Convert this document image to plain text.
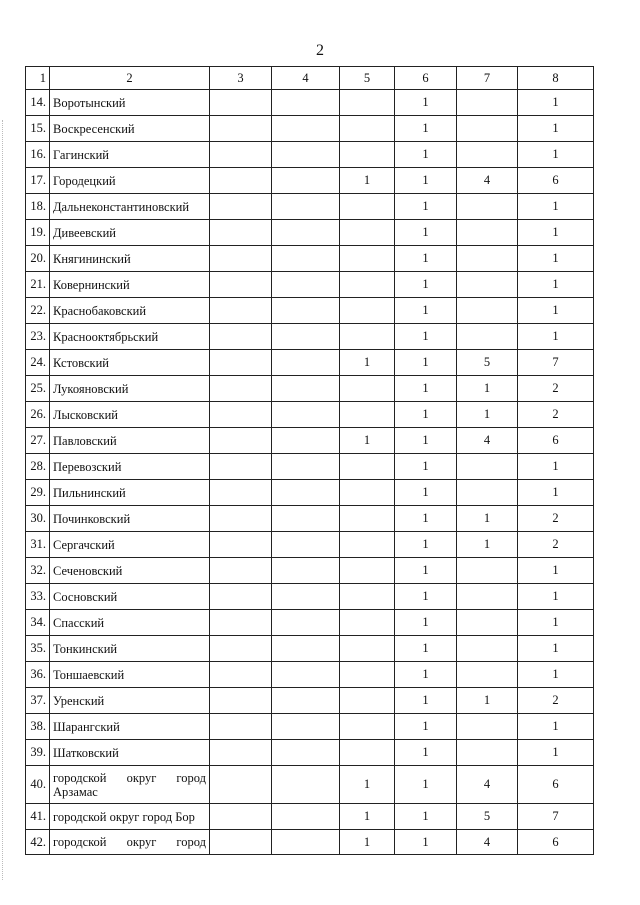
2
1	2	3	4	5	6	7	8
14.	Воротынский				1		1
15.	Воскресенский				1		1
16.	Гагинский				1		1
17.	Городецкий			1	1	4	6
18.	Дальнеконстантиновский				1		1
19.	Дивеевский				1		1
20.	Княгининский				1		1
21.	Ковернинский				1		1
22.	Краснобаковский				1		1
23.	Краснооктябрьский				1		1
24.	Кстовский			1	1	5	7
25.	Лукояновский				1	1	2
26.	Лысковский				1	1	2
27.	Павловский			1	1	4	6
28.	Перевозский				1		1
29.	Пильнинский				1		1
30.	Починковский				1	1	2
31.	Сергачский				1	1	2
32.	Сеченовский				1		1
33.	Сосновский				1		1
34.	Спасский				1		1
35.	Тонкинский				1		1
36.	Тоншаевский				1		1
37.	Уренский				1	1	2
38.	Шарангский				1		1
39.	Шатковский				1		1
40.	городской округ город Арзамас			1	1	4	6
41.	городской округ город Бор			1	1	5	7
42.	городской округ город			1	1	4	6
